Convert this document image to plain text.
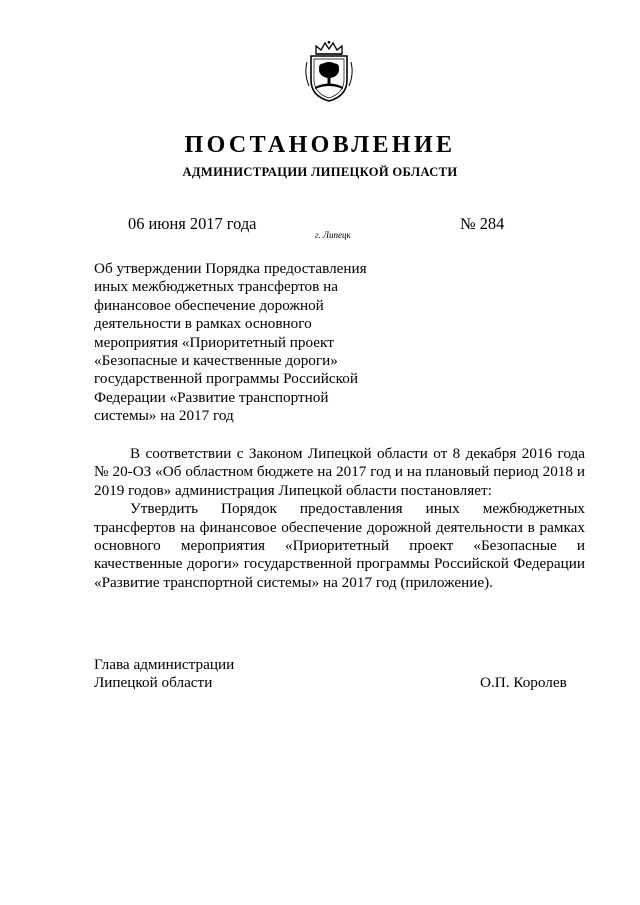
ПОСТАНОВЛЕНИЕ
АДМИНИСТРАЦИИ ЛИПЕЦКОЙ ОБЛАСТИ
06 июня 2017 года
г. Липецк
№ 284
Об утверждении Порядка предоставления
иных межбюджетных трансфертов на
финансовое обеспечение дорожной
деятельности в рамках основного
мероприятия «Приоритетный проект
«Безопасные и качественные дороги»
государственной программы Российской
Федерации «Развитие транспортной
системы» на 2017 год

В соответствии с Законом Липецкой области от 8 декабря 2016 года № 20-ОЗ «Об областном бюджете на 2017 год и на плановый период 2018 и 2019 годов» администрация Липецкой области постановляет:

Утвердить Порядок предоставления иных межбюджетных трансфертов на финансовое обеспечение дорожной деятельности в рамках основного мероприятия «Приоритетный проект «Безопасные и качественные дороги» государственной программы Российской Федерации «Развитие транспортной системы» на 2017 год (приложение).

Глава администрации
Липецкой области	О.П. Королев
